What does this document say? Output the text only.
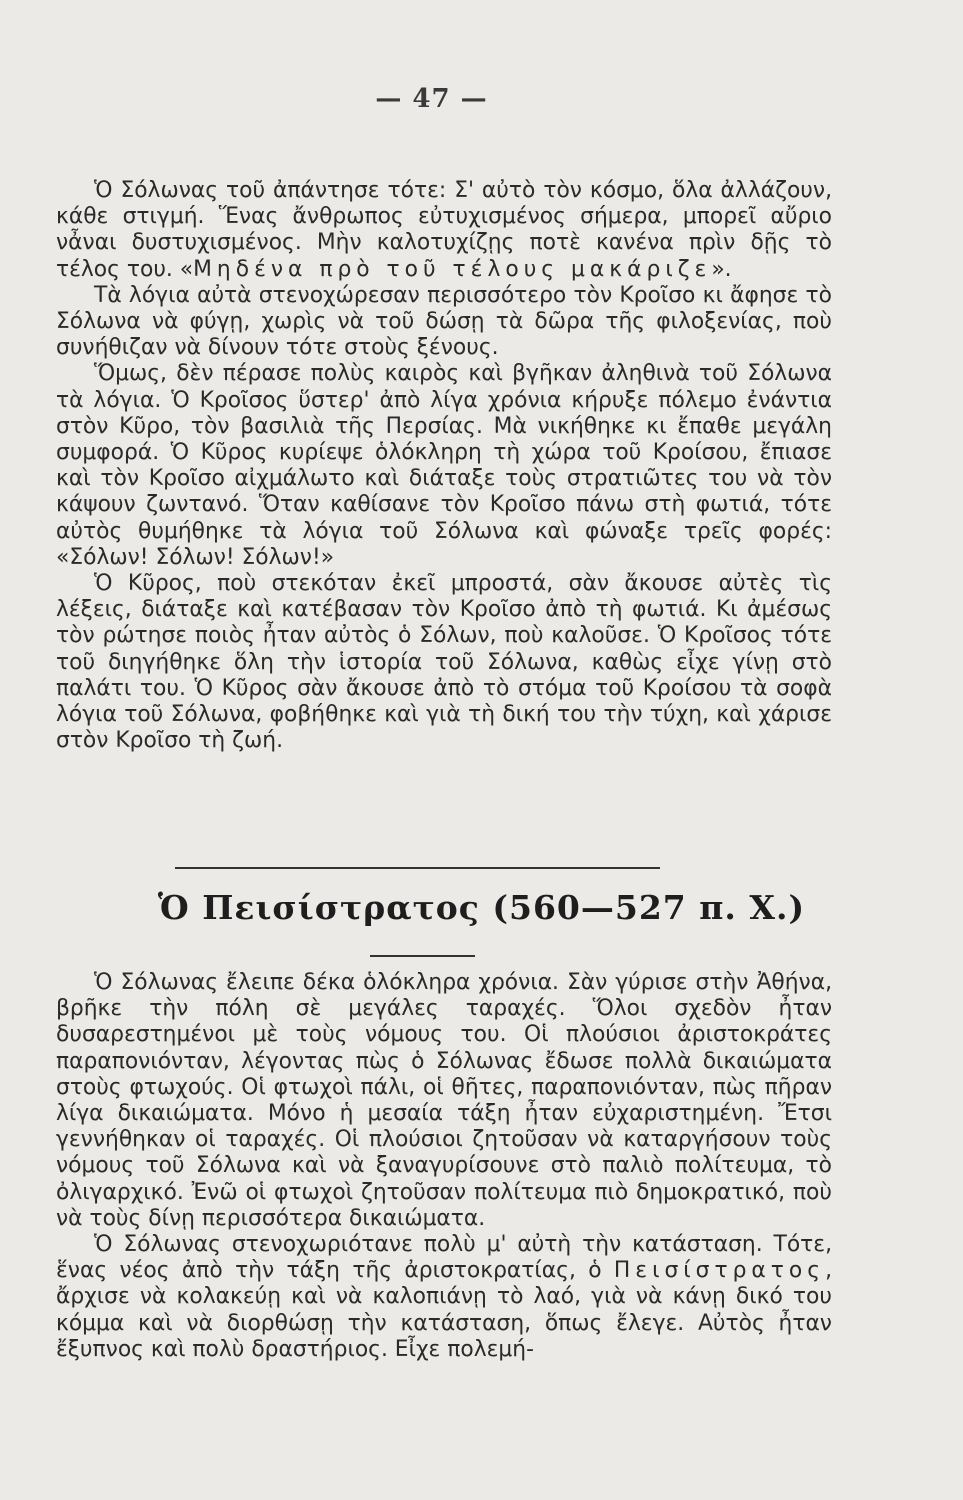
— 47 —

Ὁ Σόλωνας τοῦ ἀπάντησε τότε: Σ' αὐτὸ τὸν κόσμο, ὅλα ἀλλάζουν, κάθε στιγμή. Ἕνας ἄνθρωπος εὐτυχισμένος σήμερα, μπορεῖ αὔριο νἆναι δυστυχισμένος. Μὴν καλοτυχίζῃς ποτὲ κανένα πρὶν δῇς τὸ τέλος του. «Μηδένα πρὸ τοῦ τέλους μακάριζε».

Τὰ λόγια αὐτὰ στενοχώρεσαν περισσότερο τὸν Κροῖσο κι ἄφησε τὸ Σόλωνα νὰ φύγῃ, χωρὶς νὰ τοῦ δώσῃ τὰ δῶρα τῆς φιλοξενίας, ποὺ συνήθιζαν νὰ δίνουν τότε στοὺς ξένους.

Ὅμως, δὲν πέρασε πολὺς καιρὸς καὶ βγῆκαν ἀληθινὰ τοῦ Σόλωνα τὰ λόγια. Ὁ Κροῖσος ὕστερ' ἀπὸ λίγα χρόνια κήρυξε πόλεμο ἐνάντια στὸν Κῦρο, τὸν βασιλιὰ τῆς Περσίας. Μὰ νικήθηκε κι ἔπαθε μεγάλη συμφορά. Ὁ Κῦρος κυρίεψε ὁλόκληρη τὴ χώρα τοῦ Κροίσου, ἔπιασε καὶ τὸν Κροῖσο αἰχμάλωτο καὶ διάταξε τοὺς στρατιῶτες του νὰ τὸν κάψουν ζωντανό. Ὅταν καθίσανε τὸν Κροῖσο πάνω στὴ φωτιά, τότε αὐτὸς θυμήθηκε τὰ λόγια τοῦ Σόλωνα καὶ φώναξε τρεῖς φορές: «Σόλων! Σόλων! Σόλων!»

Ὁ Κῦρος, ποὺ στεκόταν ἐκεῖ μπροστά, σὰν ἄκουσε αὐτὲς τὶς λέξεις, διάταξε καὶ κατέβασαν τὸν Κροῖσο ἀπὸ τὴ φωτιά. Κι ἀμέσως τὸν ρώτησε ποιὸς ἦταν αὐτὸς ὁ Σόλων, ποὺ καλοῦσε. Ὁ Κροῖσος τότε τοῦ διηγήθηκε ὅλη τὴν ἱστορία τοῦ Σόλωνα, καθὼς εἶχε γίνῃ στὸ παλάτι του. Ὁ Κῦρος σὰν ἄκουσε ἀπὸ τὸ στόμα τοῦ Κροίσου τὰ σοφὰ λόγια τοῦ Σόλωνα, φοβήθηκε καὶ γιὰ τὴ δική του τὴν τύχη, καὶ χάρισε στὸν Κροῖσο τὴ ζωή.

Ὁ Πεισίστρατος (560—527 π. Χ.)

Ὁ Σόλωνας ἔλειπε δέκα ὁλόκληρα χρόνια. Σὰν γύρισε στὴν Ἀθήνα, βρῆκε τὴν πόλη σὲ μεγάλες ταραχές. Ὅλοι σχεδὸν ἦταν δυσαρεστημένοι μὲ τοὺς νόμους του. Οἱ πλούσιοι ἀριστοκράτες παραπονιόνταν, λέγοντας πὼς ὁ Σόλωνας ἔδωσε πολλὰ δικαιώματα στοὺς φτωχούς. Οἱ φτωχοὶ πάλι, οἱ θῆτες, παραπονιόνταν, πὼς πῆραν λίγα δικαιώματα. Μόνο ἡ μεσαία τάξη ἦταν εὐχαριστημένη. Ἔτσι γεννήθηκαν οἱ ταραχές. Οἱ πλούσιοι ζητοῦσαν νὰ καταργήσουν τοὺς νόμους τοῦ Σόλωνα καὶ νὰ ξαναγυρίσουνε στὸ παλιὸ πολίτευμα, τὸ ὀλιγαρχικό. Ἐνῶ οἱ φτωχοὶ ζητοῦσαν πολίτευμα πιὸ δημοκρατικό, ποὺ νὰ τοὺς δίνῃ περισσότερα δικαιώματα.

Ὁ Σόλωνας στενοχωριότανε πολὺ μ' αὐτὴ τὴν κατάσταση. Τότε, ἕνας νέος ἀπὸ τὴν τάξη τῆς ἀριστοκρατίας, ὁ Πεισίστρατος, ἄρχισε νὰ κολακεύῃ καὶ νὰ καλοπιάνῃ τὸ λαό, γιὰ νὰ κάνῃ δικό του κόμμα καὶ νὰ διορθώσῃ τὴν κατάσταση, ὅπως ἔλεγε. Αὐτὸς ἦταν ἔξυπνος καὶ πολὺ δραστήριος. Εἶχε πολεμή-
